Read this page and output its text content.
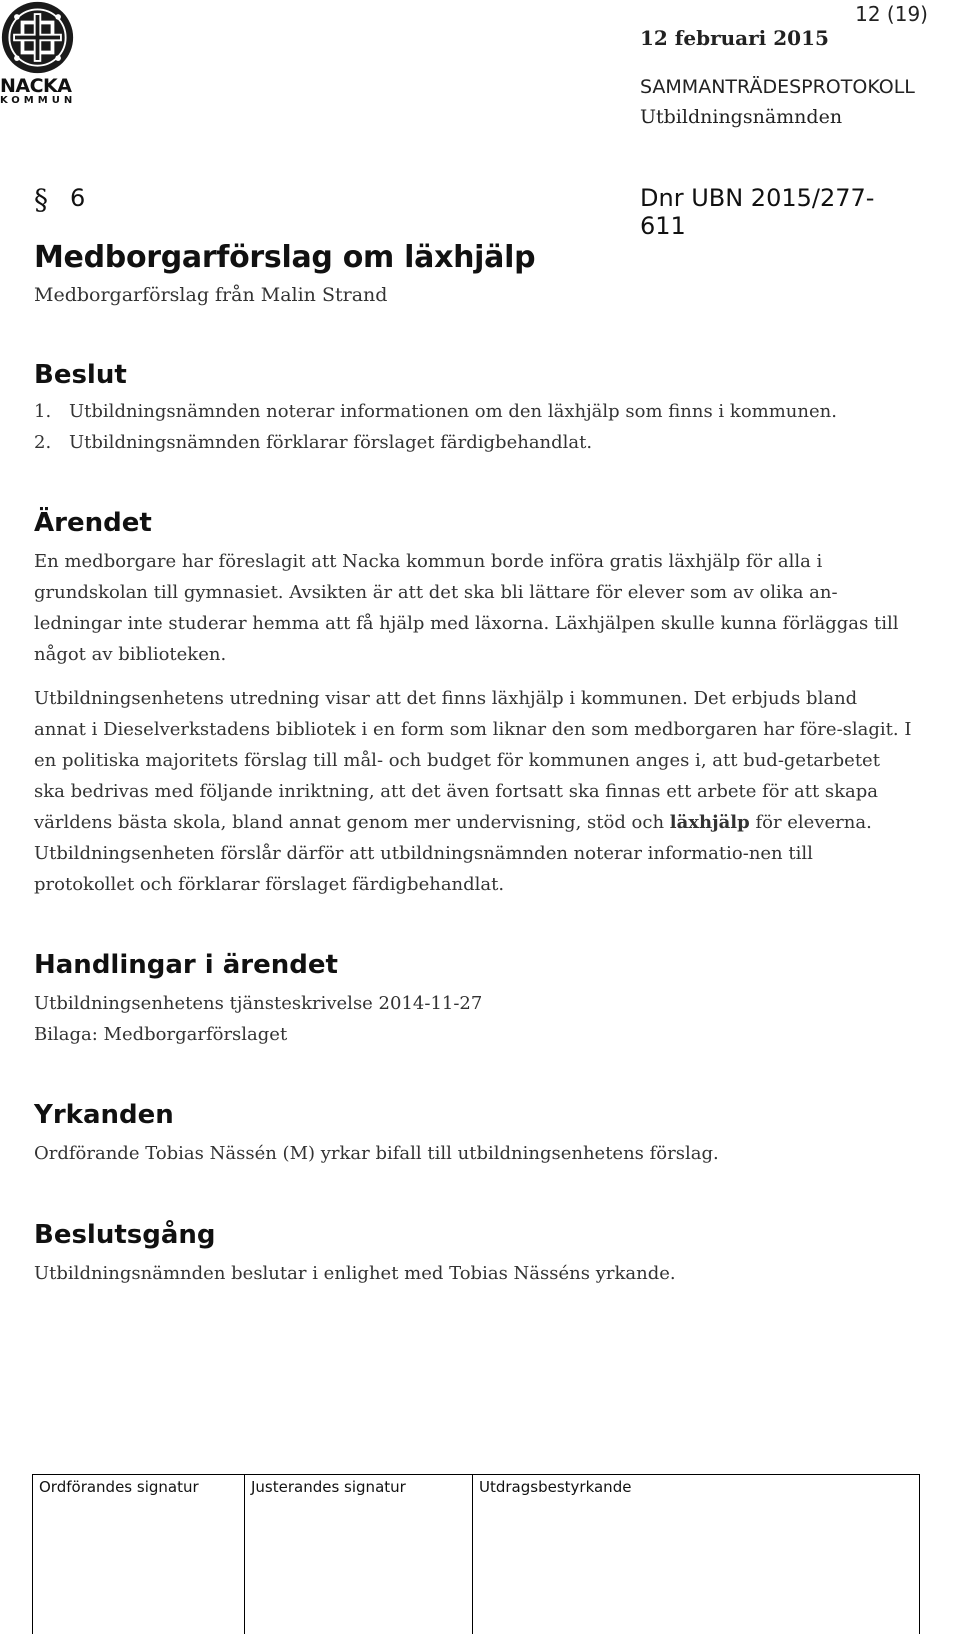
NACKA
KOMMUN
12 (19)
12 februari 2015
SAMMANTRÄDESPROTOKOLL
Utbildningsnämnden
§ 6	Dnr UBN 2015/277-611
Medborgarförslag om läxhjälp
Medborgarförslag från Malin Strand
Beslut
1. Utbildningsnämnden noterar informationen om den läxhjälp som finns i kommunen.
2. Utbildningsnämnden förklarar förslaget färdigbehandlat.
Ärendet

En medborgare har föreslagit att Nacka kommun borde införa gratis läxhjälp för alla i grundskolan till gymnasiet. Avsikten är att det ska bli lättare för elever som av olika an-ledningar inte studerar hemma att få hjälp med läxorna. Läxhjälpen skulle kunna förläggas till något av biblioteken.

Utbildningsenhetens utredning visar att det finns läxhjälp i kommunen. Det erbjuds bland annat i Dieselverkstadens bibliotek i en form som liknar den som medborgaren har före-slagit. I en politiska majoritets förslag till mål- och budget för kommunen anges i, att bud-getarbetet ska bedrivas med följande inriktning, att det även fortsatt ska finnas ett arbete för att skapa världens bästa skola, bland annat genom mer undervisning, stöd och läxhjälp för eleverna. Utbildningsenheten förslår därför att utbildningsnämnden noterar informatio-nen till protokollet och förklarar förslaget färdigbehandlat.

Handlingar i ärendet

Utbildningsenhetens tjänsteskrivelse 2014-11-27

Bilaga: Medborgarförslaget

Yrkanden
Ordförande Tobias Nässén (M) yrkar bifall till utbildningsenhetens förslag.
Beslutsgång
Utbildningsnämnden beslutar i enlighet med Tobias Nässéns yrkande.
Ordförandes signatur	Justerandes signatur	Utdragsbestyrkande
